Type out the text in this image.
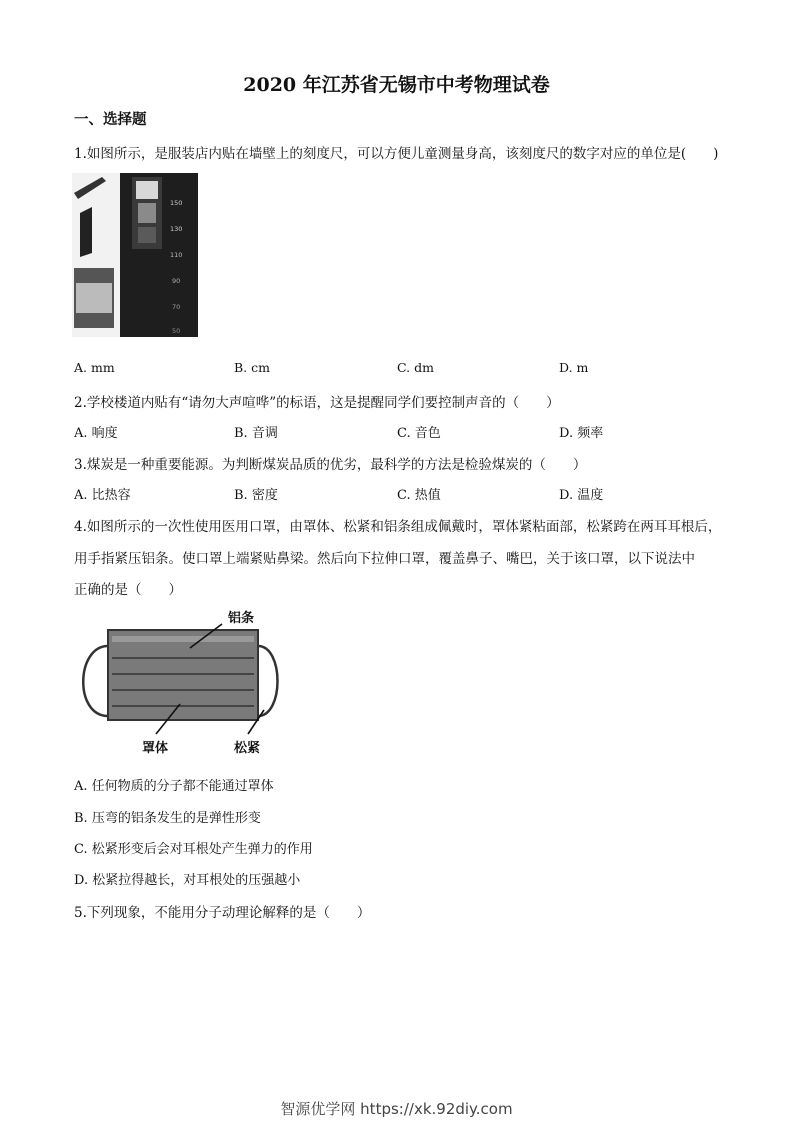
2020 年江苏省无锡市中考物理试卷
一、选择题
1.如图所示，是服装店内贴在墙壁上的刻度尺，可以方便儿童测量身高，该刻度尺的数字对应的单位是(　　)
150
130
110
90
70
50
A. mm	B. cm	C. dm	D. m
2.学校楼道内贴有“请勿大声喧哗”的标语，这是提醒同学们要控制声音的（　　）
A. 响度	B. 音调	C. 音色	D. 频率
3.煤炭是一种重要能源。为判断煤炭品质的优劣，最科学的方法是检验煤炭的（　　）
A. 比热容	B. 密度	C. 热值	D. 温度
4.如图所示的一次性使用医用口罩，由罩体、松紧和铝条组成佩戴时，罩体紧粘面部，松紧跨在两耳耳根后，
用手指紧压铝条。使口罩上端紧贴鼻梁。然后向下拉伸口罩，覆盖鼻子、嘴巴，关于该口罩，以下说法中
正确的是（　　）
铝条
罩体	松紧
A. 任何物质的分子都不能通过罩体
B. 压弯的铝条发生的是弹性形变
C. 松紧形变后会对耳根处产生弹力的作用
D. 松紧拉得越长，对耳根处的压强越小
5.下列现象，不能用分子动理论解释的是（　　）
智源优学网 https://xk.92diy.com
